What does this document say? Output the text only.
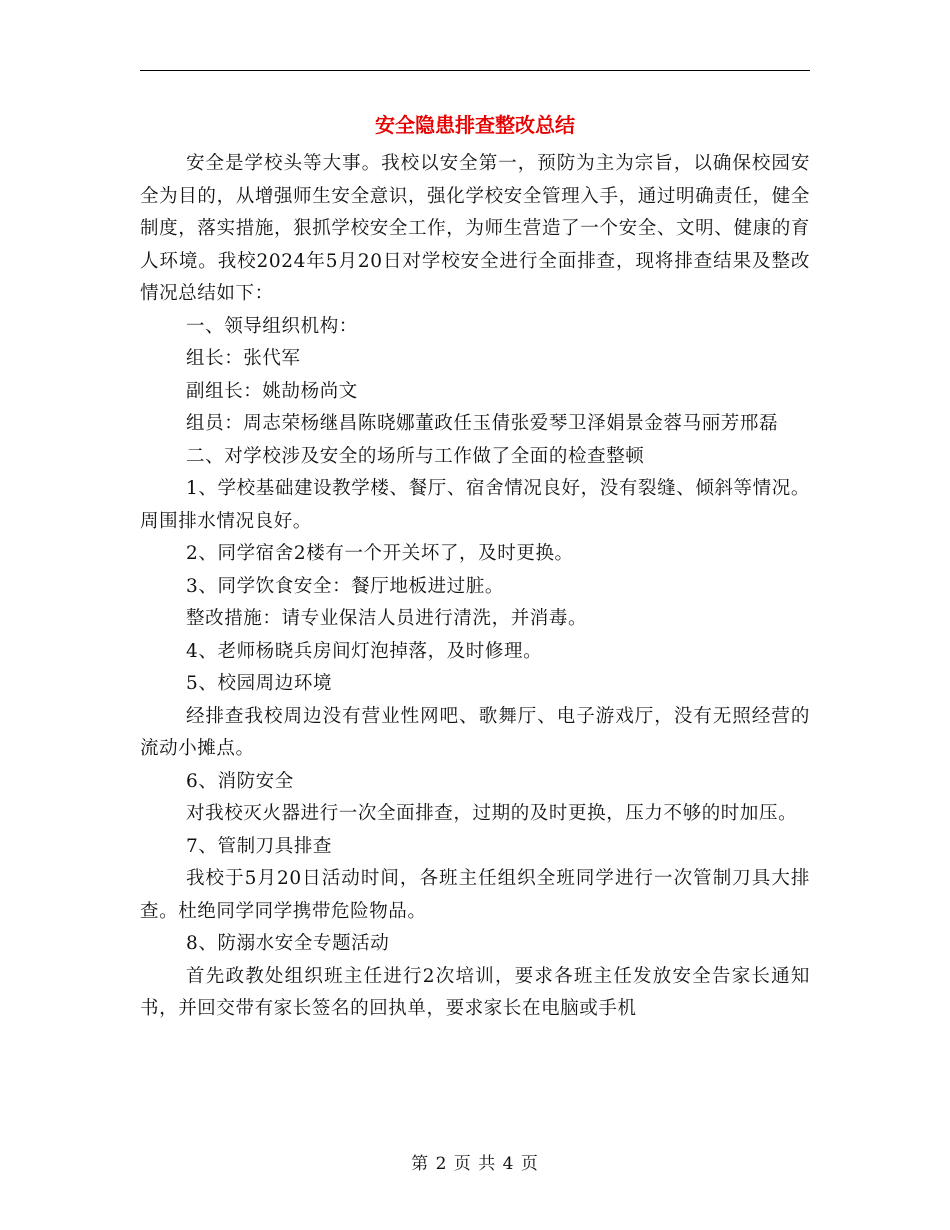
安全隐患排查整改总结

安全是学校头等大事。我校以安全第一，预防为主为宗旨，以确保校园安全为目的，从增强师生安全意识，强化学校安全管理入手，通过明确责任，健全制度，落实措施，狠抓学校安全工作，为师生营造了一个安全、文明、健康的育人环境。我校2024年5月20日对学校安全进行全面排查，现将排查结果及整改情况总结如下：

一、领导组织机构：

组长：张代军

副组长：姚劼杨尚文

组员：周志荣杨继昌陈晓娜董政任玉倩张爱琴卫泽娟景金蓉马丽芳邢磊

二、对学校涉及安全的场所与工作做了全面的检查整顿

1、学校基础建设教学楼、餐厅、宿舍情况良好，没有裂缝、倾斜等情况。周围排水情况良好。

2、同学宿舍2楼有一个开关坏了，及时更换。

3、同学饮食安全：餐厅地板进过脏。

整改措施：请专业保洁人员进行清洗，并消毒。

4、老师杨晓兵房间灯泡掉落，及时修理。

5、校园周边环境

经排查我校周边没有营业性网吧、歌舞厅、电子游戏厅，没有无照经营的流动小摊点。

6、消防安全

对我校灭火器进行一次全面排查，过期的及时更换，压力不够的时加压。

7、管制刀具排查

我校于5月20日活动时间，各班主任组织全班同学进行一次管制刀具大排查。杜绝同学同学携带危险物品。

8、防溺水安全专题活动

首先政教处组织班主任进行2次培训，要求各班主任发放安全告家长通知书，并回交带有家长签名的回执单，要求家长在电脑或手机

第 2 页 共 4 页
